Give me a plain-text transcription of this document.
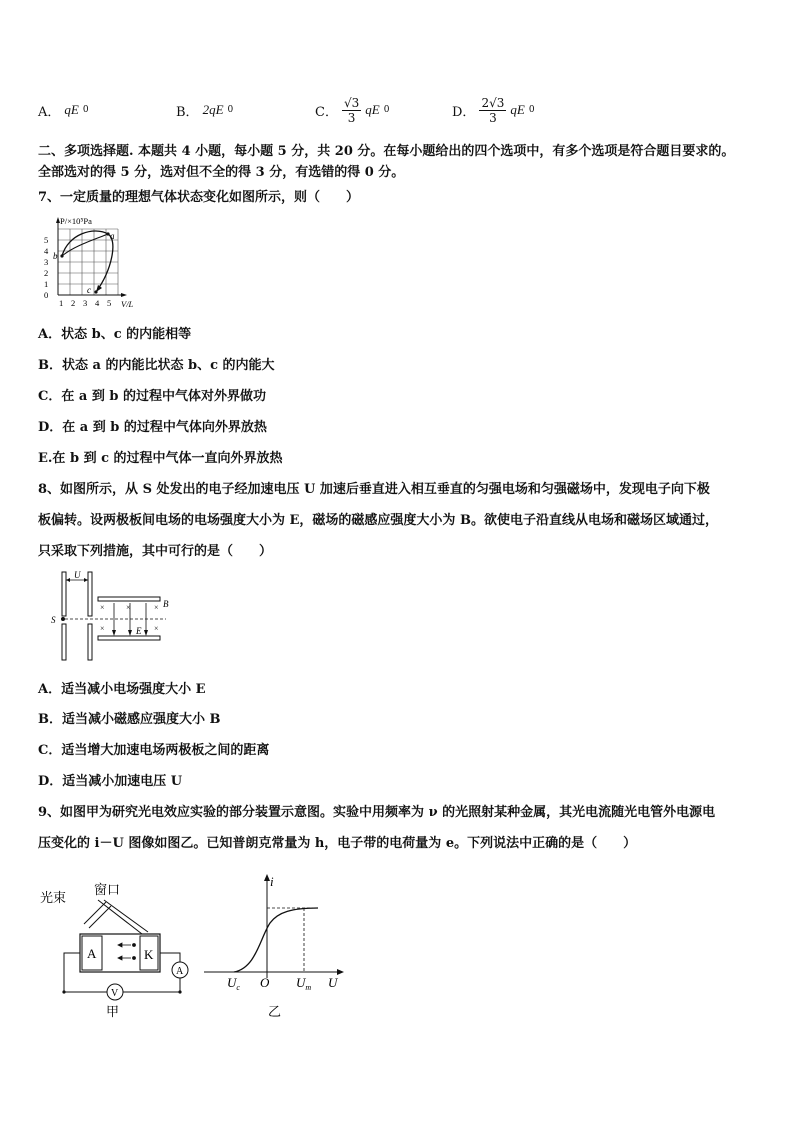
A． qE 0	B． 2qE 0	C． $\frac{√3}{3}$ qE 0	D． $\frac{2√3}{3}$ qE 0
二、多项选择题. 本题共 4 小题，每小题 5 分，共 20 分。在每小题给出的四个选项中，有多个选项是符合题目要求的。
全部选对的得 5 分，选对但不全的得 3 分，有选错的得 0 分。
7、一定质量的理想气体状态变化如图所示，则（　　）
P/×10⁵Pa
V/L
1
2
3
4
5
0
1 2 3 4 5
a
b
c
A．状态 b、c 的内能相等
B．状态 a 的内能比状态 b、c 的内能大
C．在 a 到 b 的过程中气体对外界做功
D．在 a 到 b 的过程中气体向外界放热
E.在 b 到 c 的过程中气体一直向外界放热
8、如图所示，从 S 处发出的电子经加速电压 U 加速后垂直进入相互垂直的匀强电场和匀强磁场中，发现电子向下极
板偏转。设两极板间电场的电场强度大小为 E，磁场的磁感应强度大小为 B。欲使电子沿直线从电场和磁场区域通过，
只采取下列措施，其中可行的是（　　）
U
B
S
E
×	×	×
×	×
A．适当减小电场强度大小 E
B．适当减小磁感应强度大小 B
C．适当增大加速电场两极板之间的距离
D．适当减小加速电压 U
9、如图甲为研究光电效应实验的部分装置示意图。实验中用频率为 ν 的光照射某种金属，其光电流随光电管外电源电
压变化的 i－U 图像如图乙。已知普朗克常量为 h，电子带的电荷量为 e。下列说法中正确的是（　　）
光束
窗口
A	K
A
V
甲
i
$U_c$ O $U_m$ U
乙
